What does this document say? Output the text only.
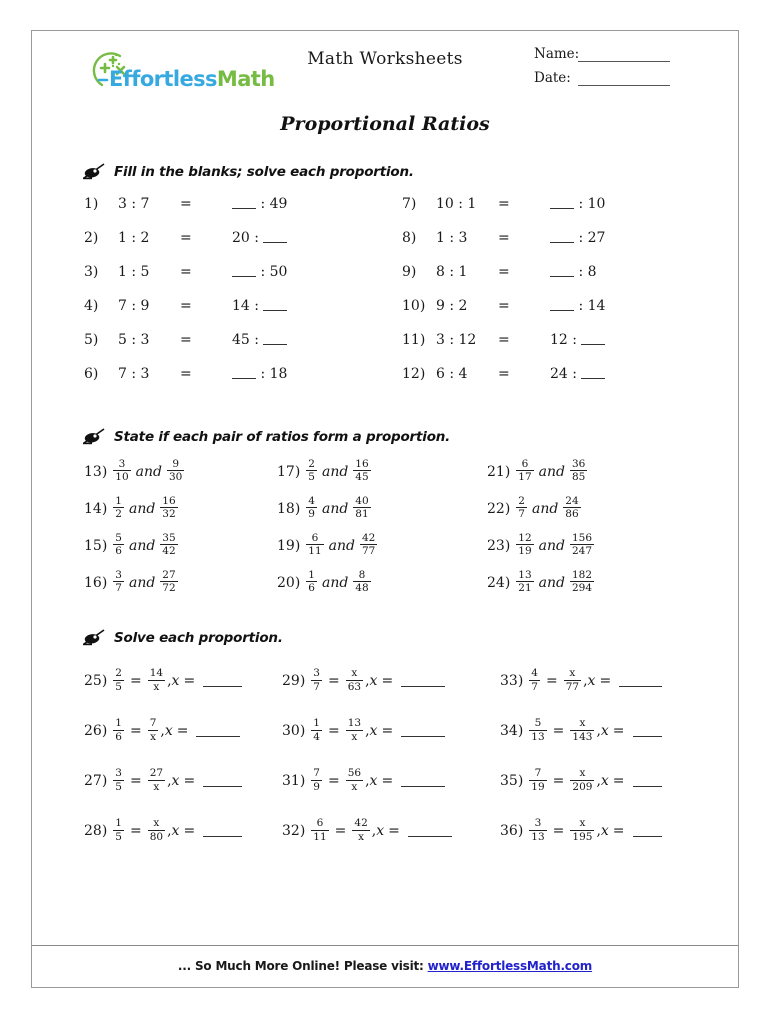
EffortlessMath
Math Worksheets	Name:
Date:
Proportional Ratios
Fill in the blanks; solve each proportion.
1)	3 : 7	=	: 49
2)	1 : 2	=	20 :
3)	1 : 5	=	: 50
4)	7 : 9	=	14 :
5)	5 : 3	=	45 :
6)	7 : 3	=	: 18
7)	10 : 1	=	: 10
8)	1 : 3	=	: 27
9)	8 : 1	=	: 8
10) 9 : 2	=	: 14
11) 3 : 12	=	12 :
12) 6 : 4	=	24 :
State if each pair of ratios form a proportion.
$13) \frac{3}{10}$ and $\frac{9}{30}$
$14) \frac{1}{2}$ and $\frac{16}{32}$
$15) \frac{5}{6}$ and $\frac{35}{42}$
$16) \frac{3}{7}$ and $\frac{27}{72}$
$17) \frac{2}{5}$ and $\frac{16}{45}$
$18) \frac{4}{9}$ and $\frac{40}{81}$
$19) \frac{6}{11}$ and $\frac{42}{77}$
$20) \frac{1}{6}$ and $\frac{8}{48}$
$21) \frac{6}{17}$ and $\frac{36}{85}$
$22) \frac{2}{7}$ and $\frac{24}{86}$
$23) \frac{12}{19}$ and $\frac{156}{247}$
$24) \frac{13}{21}$ and $\frac{182}{294}$
Solve each proportion.
$25) \frac{2}{5} = \frac{14}{x}$ , x =
$26) \frac{1}{6} = \frac{7}{x}$ , x =
$27) \frac{3}{5} = \frac{27}{x}$ , x =
$28) \frac{1}{5} = \frac{x}{80}$ , x =
$29) \frac{3}{7} = \frac{x}{63}$ , x =
$30) \frac{1}{4} = \frac{13}{x}$ , x =
$31) \frac{7}{9} = \frac{56}{x}$ , x =
$32) \frac{6}{11} = \frac{42}{x}$ , x =
$33) \frac{4}{7} = \frac{x}{77}$ , x =
$34) \frac{5}{13} = \frac{x}{143}$ , x =
$35) \frac{7}{19} = \frac{x}{209}$ , x =
$36) \frac{3}{13} = \frac{x}{195}$ , x =
... So Much More Online! Please visit: www.EffortlessMath.com
